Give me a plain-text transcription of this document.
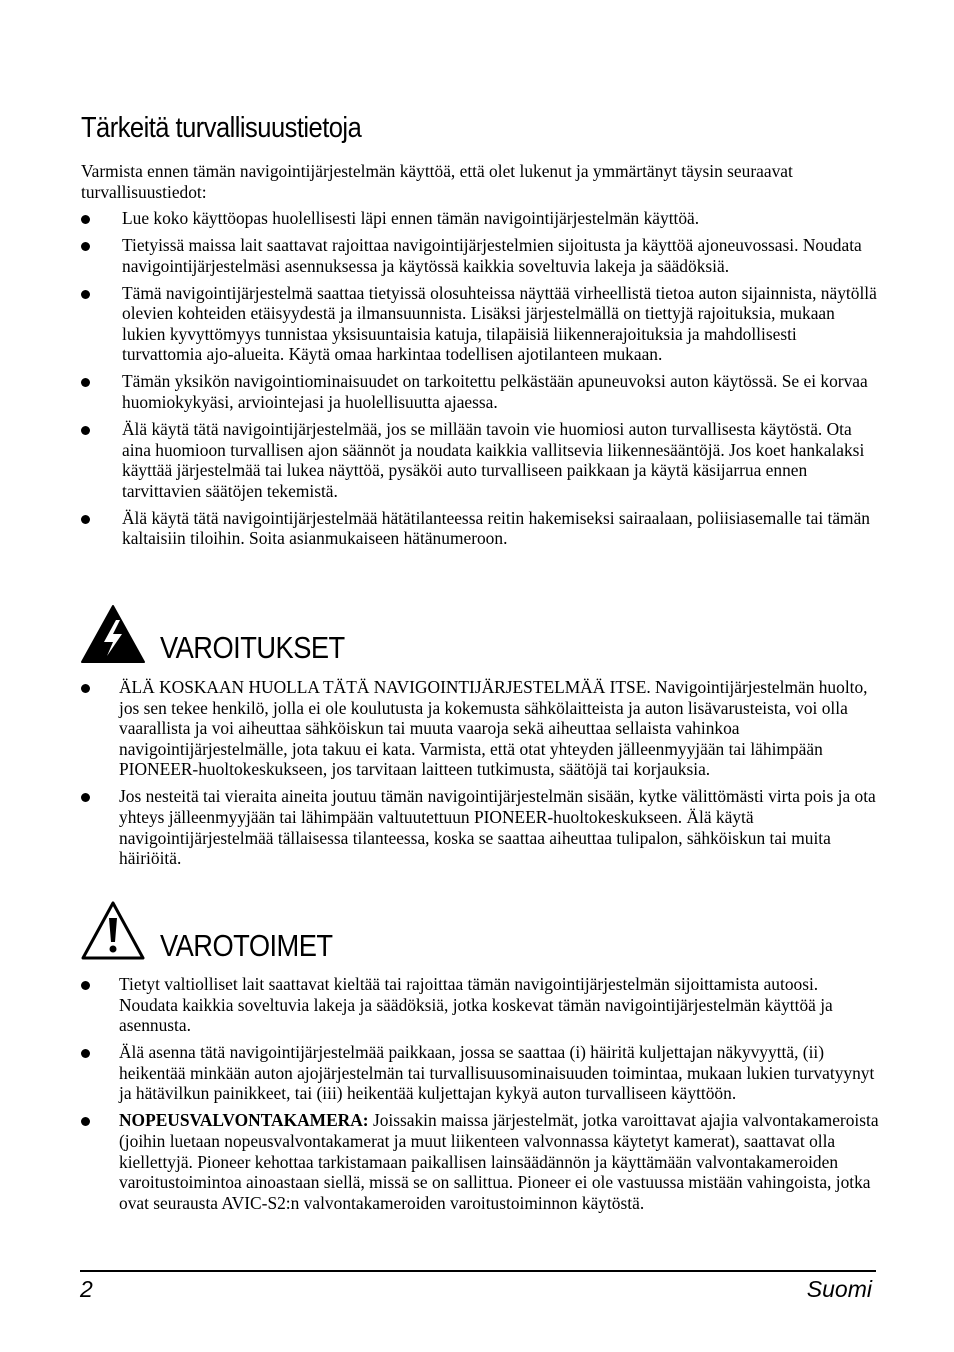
Tärkeitä turvallisuustietoja

Varmista ennen tämän navigointijärjestelmän käyttöä, että olet lukenut ja ymmärtänyt täysin seuraavat turvallisuustiedot:

Lue koko käyttöopas huolellisesti läpi ennen tämän navigointijärjestelmän käyttöä.
Tietyissä maissa lait saattavat rajoittaa navigointijärjestelmien sijoitusta ja käyttöä ajoneuvossasi. Noudata navigointijärjestelmäsi asennuksessa ja käytössä kaikkia soveltuvia lakeja ja säädöksiä.
Tämä navigointijärjestelmä saattaa tietyissä olosuhteissa näyttää virheellistä tietoa auton sijainnista, näytöllä olevien kohteiden etäisyydestä ja ilmansuunnista. Lisäksi järjestelmällä on tiettyjä rajoituksia, mukaan lukien kyvyttömyys tunnistaa yksisuuntaisia katuja, tilapäisiä liikennerajoituksia ja mahdollisesti turvattomia ajo-alueita. Käytä omaa harkintaa todellisen ajotilanteen mukaan.
Tämän yksikön navigointiominaisuudet on tarkoitettu pelkästään apuneuvoksi auton käytössä. Se ei korvaa huomiokykyäsi, arviointejasi ja huolellisuutta ajaessa.
Älä käytä tätä navigointijärjestelmää, jos se millään tavoin vie huomiosi auton turvallisesta käytöstä. Ota aina huomioon turvallisen ajon säännöt ja noudata kaikkia vallitsevia liikennesääntöjä. Jos koet hankalaksi käyttää järjestelmää tai lukea näyttöä, pysäköi auto turvalliseen paikkaan ja käytä käsijarrua ennen tarvittavien säätöjen tekemistä.
Älä käytä tätä navigointijärjestelmää hätätilanteessa reitin hakemiseksi sairaalaan, poliisiasemalle tai tämän kaltaisiin tiloihin. Soita asianmukaiseen hätänumeroon.
VAROITUKSET
ÄLÄ KOSKAAN HUOLLA TÄTÄ NAVIGOINTIJÄRJESTELMÄÄ ITSE. Navigointijärjestelmän huolto, jos sen tekee henkilö, jolla ei ole koulutusta ja kokemusta sähkölaitteista ja auton lisävarusteista, voi olla vaarallista ja voi aiheuttaa sähköiskun tai muuta vaaroja sekä aiheuttaa sellaista vahinkoa navigointijärjestelmälle, jota takuu ei kata. Varmista, että otat yhteyden jälleenmyyjään tai lähimpään PIONEER-huoltokeskukseen, jos tarvitaan laitteen tutkimusta, säätöjä tai korjauksia.
Jos nesteitä tai vieraita aineita joutuu tämän navigointijärjestelmän sisään, kytke välittömästi virta pois ja ota yhteys jälleenmyyjään tai lähimpään valtuutettuun PIONEER-huoltokeskukseen. Älä käytä navigointijärjestelmää tällaisessa tilanteessa, koska se saattaa aiheuttaa tulipalon, sähköiskun tai muita häiriöitä.
VAROTOIMET
Tietyt valtiolliset lait saattavat kieltää tai rajoittaa tämän navigointijärjestelmän sijoittamista autoosi. Noudata kaikkia soveltuvia lakeja ja säädöksiä, jotka koskevat tämän navigointijärjestelmän käyttöä ja asennusta.
Älä asenna tätä navigointijärjestelmää paikkaan, jossa se saattaa (i) häiritä kuljettajan näkyvyyttä, (ii) heikentää minkään auton ajojärjestelmän tai turvallisuusominaisuuden toimintaa, mukaan lukien turvatyynyt ja hätävilkun painikkeet, tai (iii) heikentää kuljettajan kykyä auton turvalliseen käyttöön.
NOPEUSVALVONTAKAMERA: Joissakin maissa järjestelmät, jotka varoittavat ajajia valvontakameroista (joihin luetaan nopeusvalvontakamerat ja muut liikenteen valvonnassa käytetyt kamerat), saattavat olla kiellettyjä. Pioneer kehottaa tarkistamaan paikallisen lainsäädännön ja käyttämään valvontakameroiden varoitustoimintoa ainoastaan siellä, missä se on sallittua. Pioneer ei ole vastuussa mistään vahingoista, jotka ovat seurausta AVIC-S2:n valvontakameroiden varoitustoiminnon käytöstä.
2	Suomi
